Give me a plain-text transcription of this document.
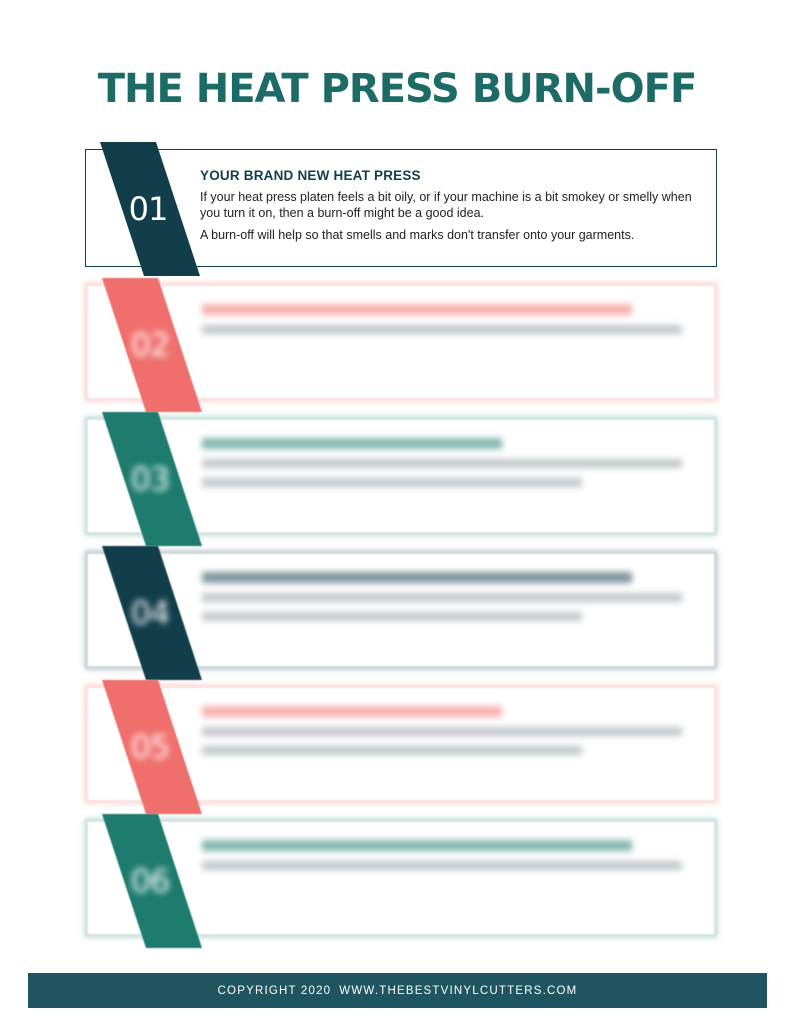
THE HEAT PRESS BURN-OFF
01
YOUR BRAND NEW HEAT PRESS
If your heat press platen feels a bit oily, or if your machine is a bit smokey or smelly when you turn it on, then a burn-off might be a good idea.
A burn-off will help so that smells and marks don't transfer onto your garments.
02
03
04
05
06
COPYRIGHT 2020 WWW.THEBESTVINYLCUTTERS.COM
